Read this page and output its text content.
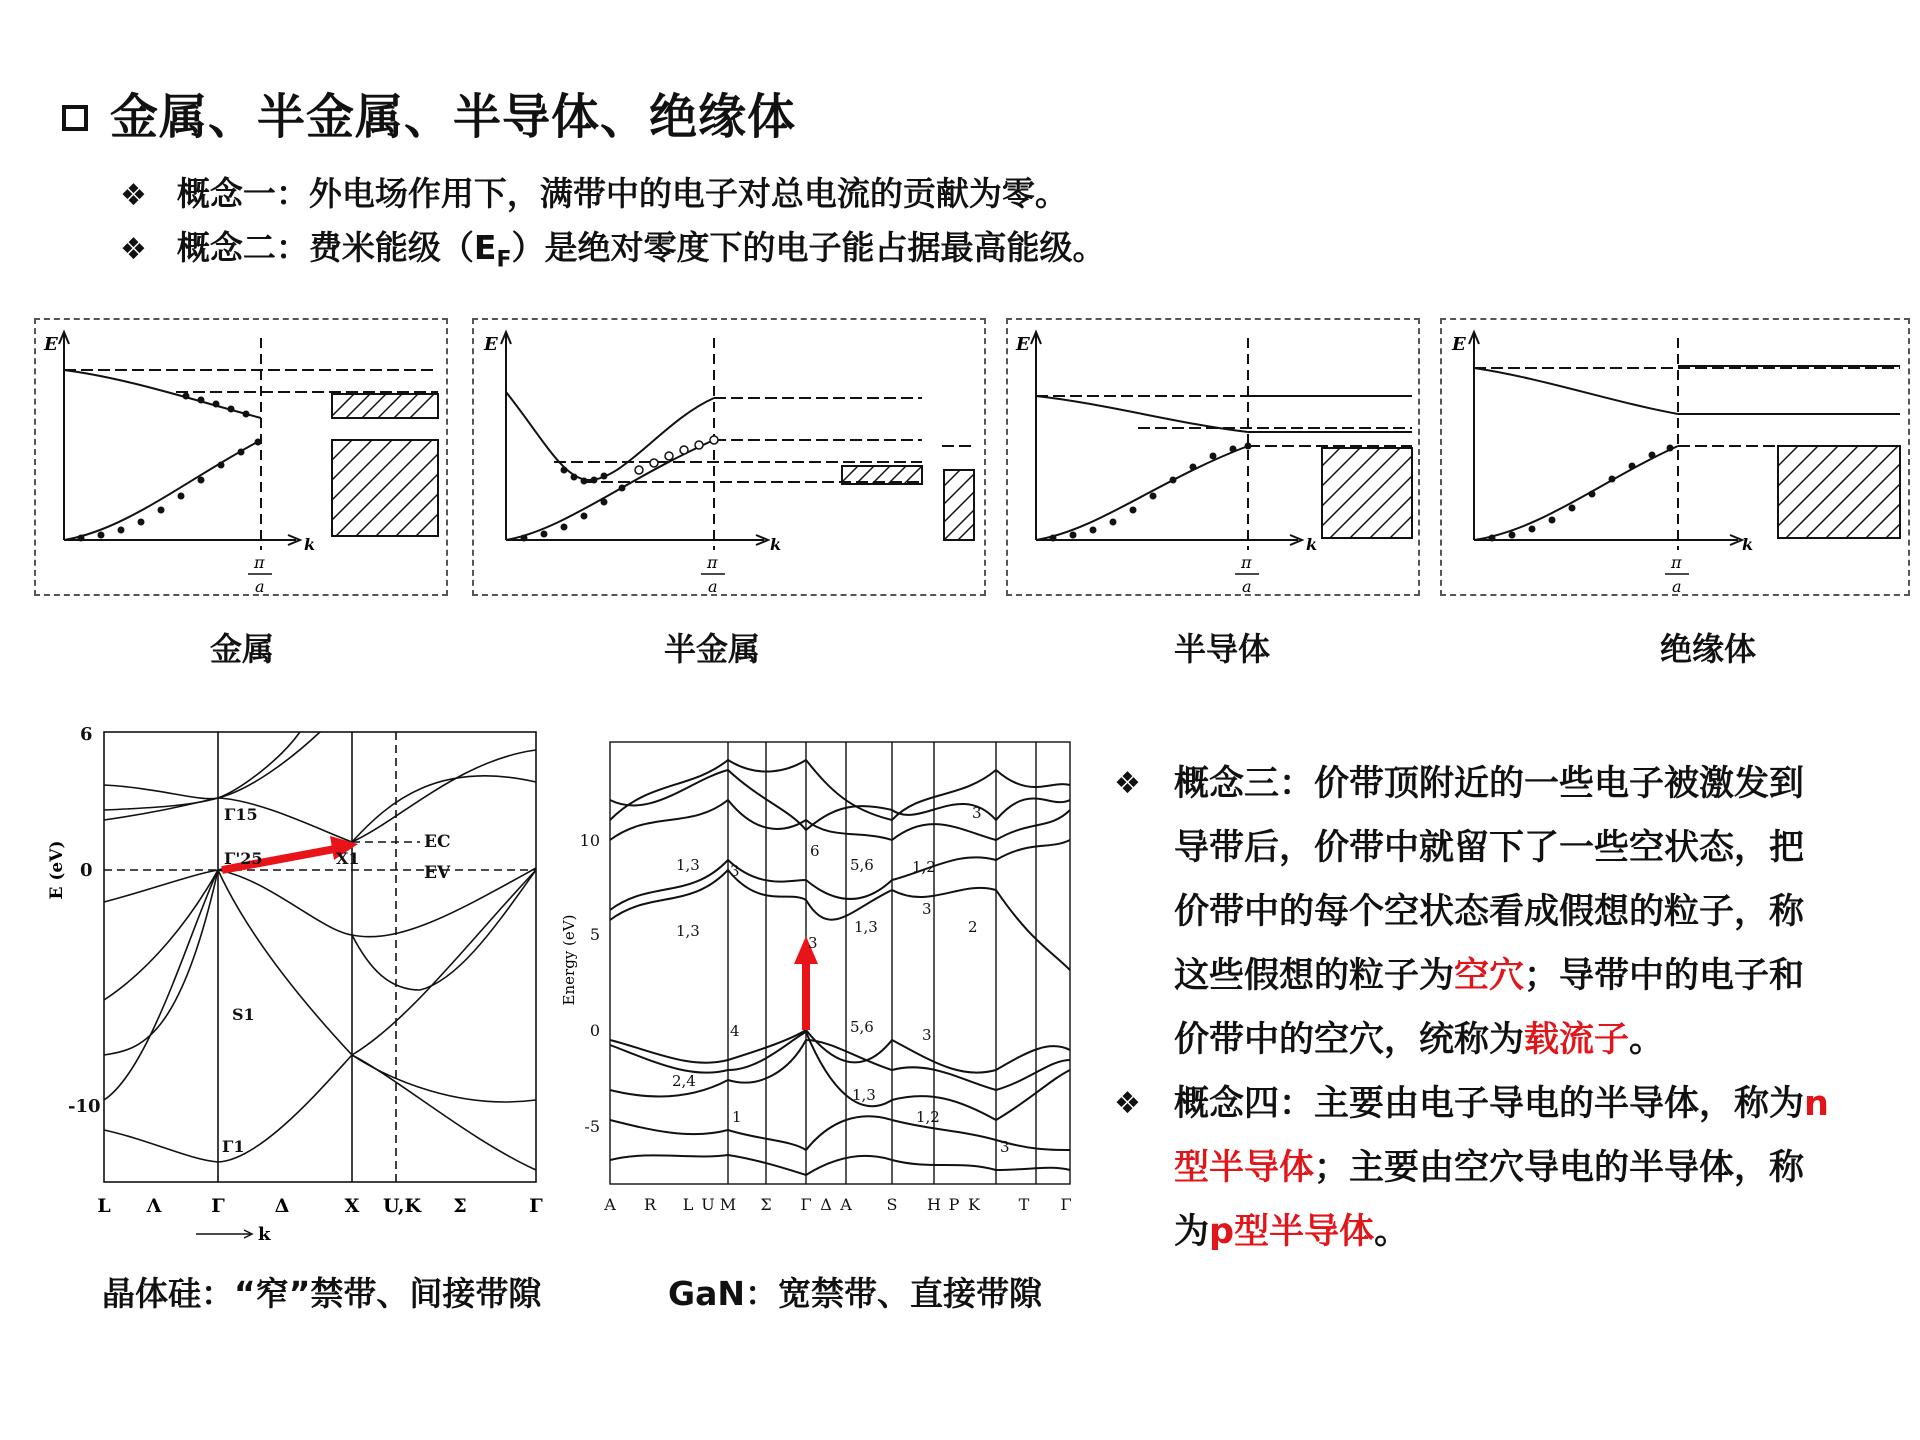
金属、半金属、半导体、绝缘体
❖ 概念一：外电场作用下，满带中的电子对总电流的贡献为零。
❖ 概念二：费米能级$(E_F)$是绝对零度下的电子能占据最高能级。
E
k
π
a
E
k
π
a
E
k
π
a
E
k
π
a
金属	半金属	半导体	绝缘体
6
0
-10
Γ15
Γ'25	X1
EC
EV
S1
Γ1
E (eV)
L Λ	Γ	Δ	X U,K Σ	Γ
k
1,3 3
6
5,6	1,2
3
1,3
3
1,3
3
2
4	5,6	3
2,4
1
1,3
1,2
3
10
5
0
-5
Energy (eV)
A R L U M Σ Γ Δ A S H P K T Γ
晶体硅：“窄”禁带、间接带隙	GaN：宽禁带、直接带隙
❖ 概念三：价带顶附近的一些电子被激发到
导带后，价带中就留下了一些空状态，把
价带中的每个空状态看成假想的粒子，称
这些假想的粒子为空穴；导带中的电子和
价带中的空穴，统称为载流子。
❖ 概念四：主要由电子导电的半导体，称为n
型半导体；主要由空穴导电的半导体，称
为p型半导体。
